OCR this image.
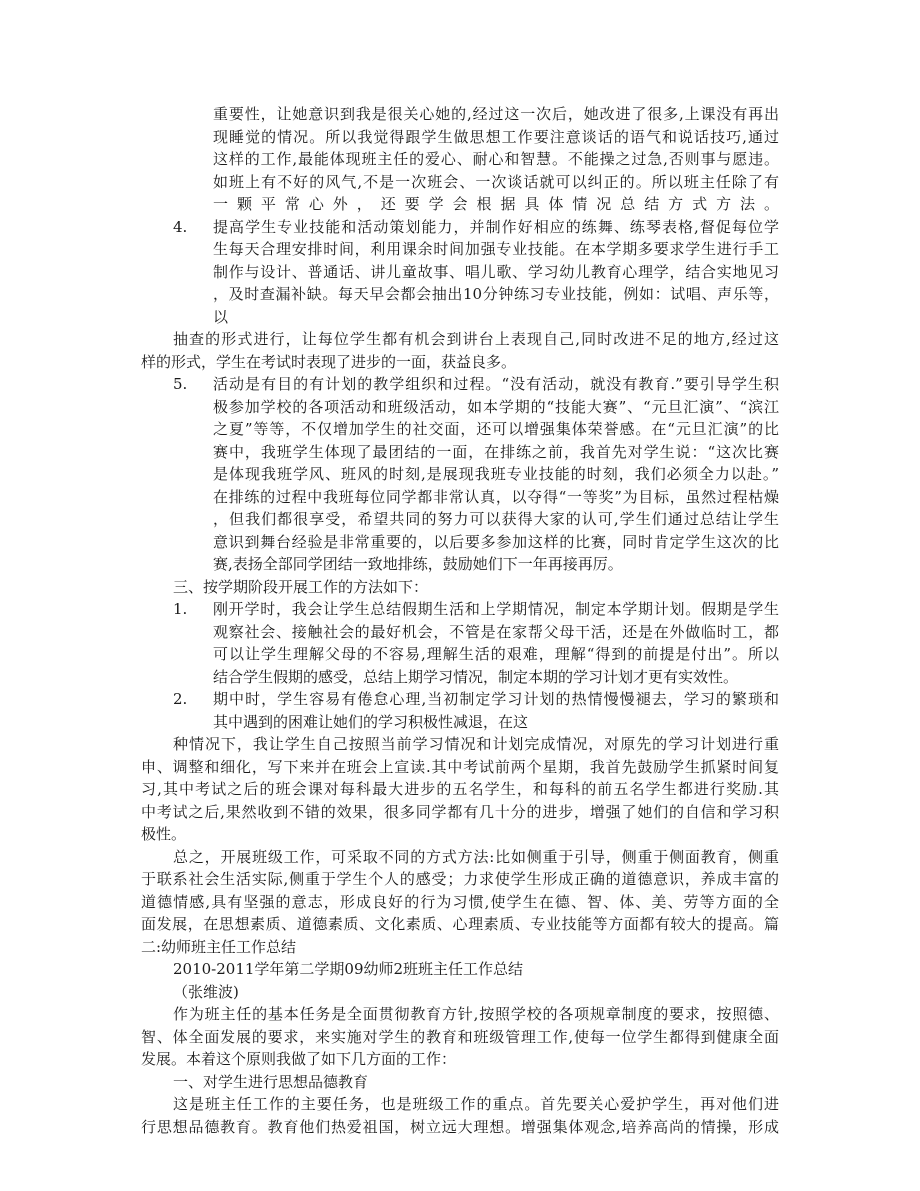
重要性，让她意识到我是很关心她的,经过这一次后，她改进了很多,上课没有再出
现睡觉的情况。所以我觉得跟学生做思想工作要注意谈话的语气和说话技巧,通过
这样的工作,最能体现班主任的爱心、耐心和智慧。不能操之过急,否则事与愿违。
如班上有不好的风气,不是一次班会、一次谈话就可以纠正的。所以班主任除了有
一颗平常心外，还要学会根据具体情况总结方式方法。
4. 提高学生专业技能和活动策划能力，并制作好相应的练舞、练琴表格,督促每位学
生每天合理安排时间，利用课余时间加强专业技能。在本学期多要求学生进行手工
制作与设计、普通话、讲儿童故事、唱儿歌、学习幼儿教育心理学，结合实地见习
，及时查漏补缺。每天早会都会抽出10分钟练习专业技能，例如：试唱、声乐等，
以
抽查的形式进行，让每位学生都有机会到讲台上表现自己,同时改进不足的地方,经过这
样的形式，学生在考试时表现了进步的一面，获益良多。
5. 活动是有目的有计划的教学组织和过程。“没有活动，就没有教育.”要引导学生积
极参加学校的各项活动和班级活动，如本学期的“技能大赛”、“元旦汇演”、“滨江
之夏”等等，不仅增加学生的社交面，还可以增强集体荣誉感。在“元旦汇演”的比
赛中，我班学生体现了最团结的一面，在排练之前，我首先对学生说：“这次比赛
是体现我班学风、班风的时刻,是展现我班专业技能的时刻，我们必须全力以赴。”
在排练的过程中我班每位同学都非常认真，以夺得“一等奖”为目标，虽然过程枯燥
，但我们都很享受，希望共同的努力可以获得大家的认可,学生们通过总结让学生
意识到舞台经验是非常重要的，以后要多参加这样的比赛，同时肯定学生这次的比
赛,表扬全部同学团结一致地排练，鼓励她们下一年再接再厉。
三、按学期阶段开展工作的方法如下：
1. 刚开学时，我会让学生总结假期生活和上学期情况，制定本学期计划。假期是学生
观察社会、接触社会的最好机会，不管是在家帮父母干活，还是在外做临时工，都
可以让学生理解父母的不容易,理解生活的艰难，理解“得到的前提是付出”。所以
结合学生假期的感受，总结上期学习情况，制定本期的学习计划才更有实效性。
2. 期中时，学生容易有倦怠心理,当初制定学习计划的热情慢慢褪去，学习的繁琐和
其中遇到的困难让她们的学习积极性减退，在这
种情况下，我让学生自己按照当前学习情况和计划完成情况，对原先的学习计划进行重
申、调整和细化，写下来并在班会上宣读.其中考试前两个星期，我首先鼓励学生抓紧时间复
习,其中考试之后的班会课对每科最大进步的五名学生，和每科的前五名学生都进行奖励.其
中考试之后,果然收到不错的效果，很多同学都有几十分的进步，增强了她们的自信和学习积
极性。
总之，开展班级工作，可采取不同的方式方法:比如侧重于引导，侧重于侧面教育，侧重
于联系社会生活实际,侧重于学生个人的感受；力求使学生形成正确的道德意识，养成丰富的
道德情感,具有坚强的意志，形成良好的行为习惯,使学生在德、智、体、美、劳等方面的全
面发展，在思想素质、道德素质、文化素质、心理素质、专业技能等方面都有较大的提高。篇
二:幼师班主任工作总结
2010-2011学年第二学期09幼师2班班主任工作总结
（张维波)
作为班主任的基本任务是全面贯彻教育方针,按照学校的各项规章制度的要求，按照德、
智、体全面发展的要求，来实施对学生的教育和班级管理工作,使每一位学生都得到健康全面
发展。本着这个原则我做了如下几方面的工作：
一、对学生进行思想品德教育
这是班主任工作的主要任务，也是班级工作的重点。首先要关心爱护学生，再对他们进
行思想品德教育。教育他们热爱祖国，树立远大理想。增强集体观念,培养高尚的情操，形成
